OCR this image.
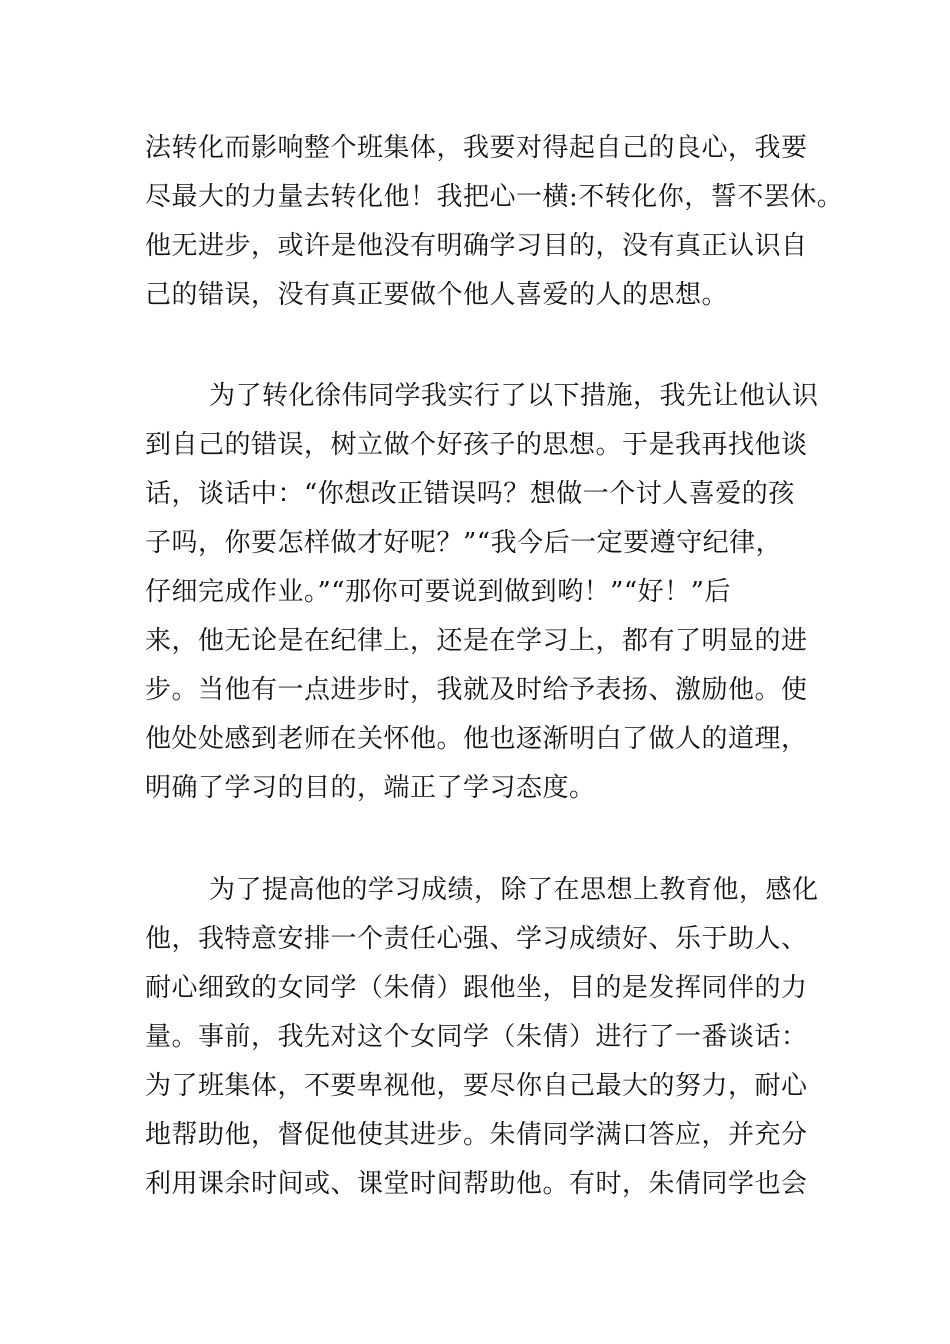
法转化而影响整个班集体，我要对得起自己的良心，我要
尽最大的力量去转化他！我把心一横:不转化你，誓不罢休。
他无进步，或许是他没有明确学习目的，没有真正认识自
己的错误，没有真正要做个他人喜爱的人的思想。
为了转化徐伟同学我实行了以下措施，我先让他认识
到自己的错误，树立做个好孩子的思想。于是我再找他谈
话，谈话中：“你想改正错误吗？想做一个讨人喜爱的孩
子吗，你要怎样做才好呢？”“我今后一定要遵守纪律，
仔细完成作业。”“那你可要说到做到哟！”“好！”后
来，他无论是在纪律上，还是在学习上，都有了明显的进
步。当他有一点进步时，我就及时给予表扬、激励他。使
他处处感到老师在关怀他。他也逐渐明白了做人的道理，
明确了学习的目的，端正了学习态度。
为了提高他的学习成绩，除了在思想上教育他，感化
他，我特意安排一个责任心强、学习成绩好、乐于助人、
耐心细致的女同学（朱倩）跟他坐，目的是发挥同伴的力
量。事前，我先对这个女同学（朱倩）进行了一番谈话：
为了班集体，不要卑视他，要尽你自己最大的努力，耐心
地帮助他，督促他使其进步。朱倩同学满口答应，并充分
利用课余时间或、课堂时间帮助他。有时，朱倩同学也会
